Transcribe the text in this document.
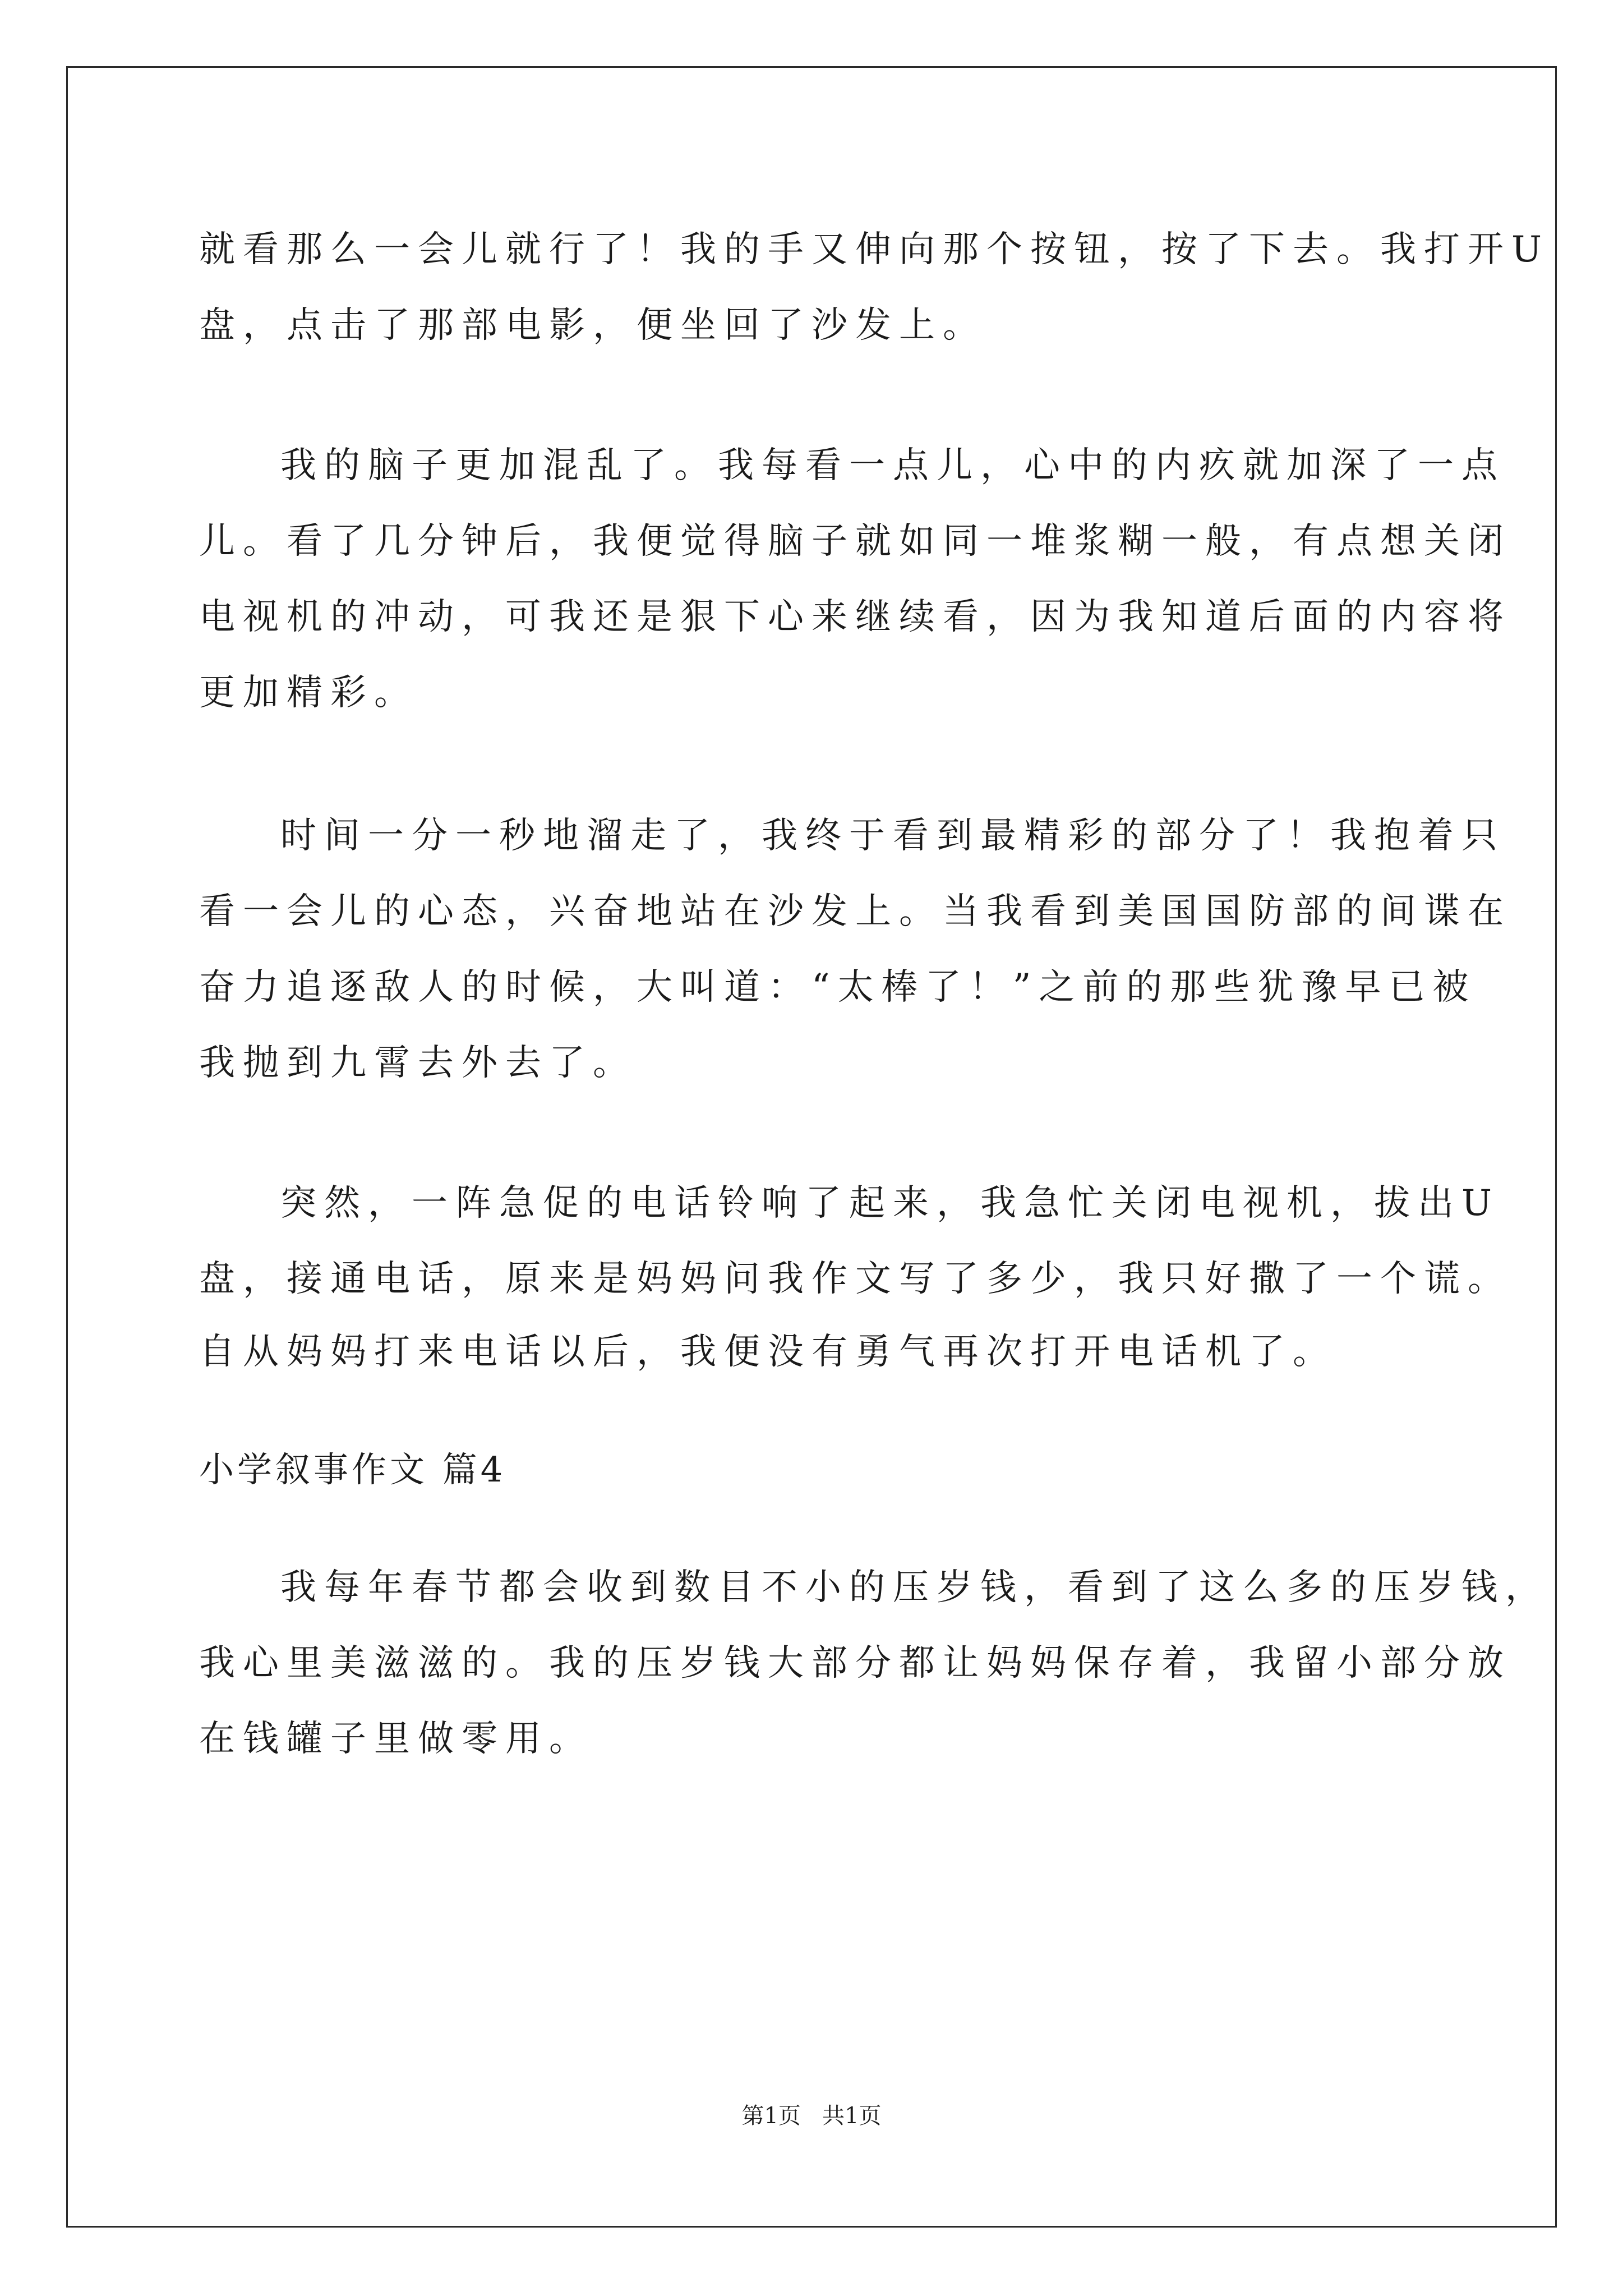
就看那么一会儿就行了！我的手又伸向那个按钮，按了下去。我打开U
盘，点击了那部电影，便坐回了沙发上。
我的脑子更加混乱了。我每看一点儿，心中的内疚就加深了一点
儿。看了几分钟后，我便觉得脑子就如同一堆浆糊一般，有点想关闭
电视机的冲动，可我还是狠下心来继续看，因为我知道后面的内容将
更加精彩。
时间一分一秒地溜走了，我终于看到最精彩的部分了！我抱着只
看一会儿的心态，兴奋地站在沙发上。当我看到美国国防部的间谍在
奋力追逐敌人的时候，大叫道：“太棒了！”之前的那些犹豫早已被
我抛到九霄去外去了。
突然，一阵急促的电话铃响了起来，我急忙关闭电视机，拔出U
盘，接通电话，原来是妈妈问我作文写了多少，我只好撒了一个谎。
自从妈妈打来电话以后，我便没有勇气再次打开电话机了。
小学叙事作文 篇4
我每年春节都会收到数目不小的压岁钱，看到了这么多的压岁钱，
我心里美滋滋的。我的压岁钱大部分都让妈妈保存着，我留小部分放
在钱罐子里做零用。
第1页   共1页
